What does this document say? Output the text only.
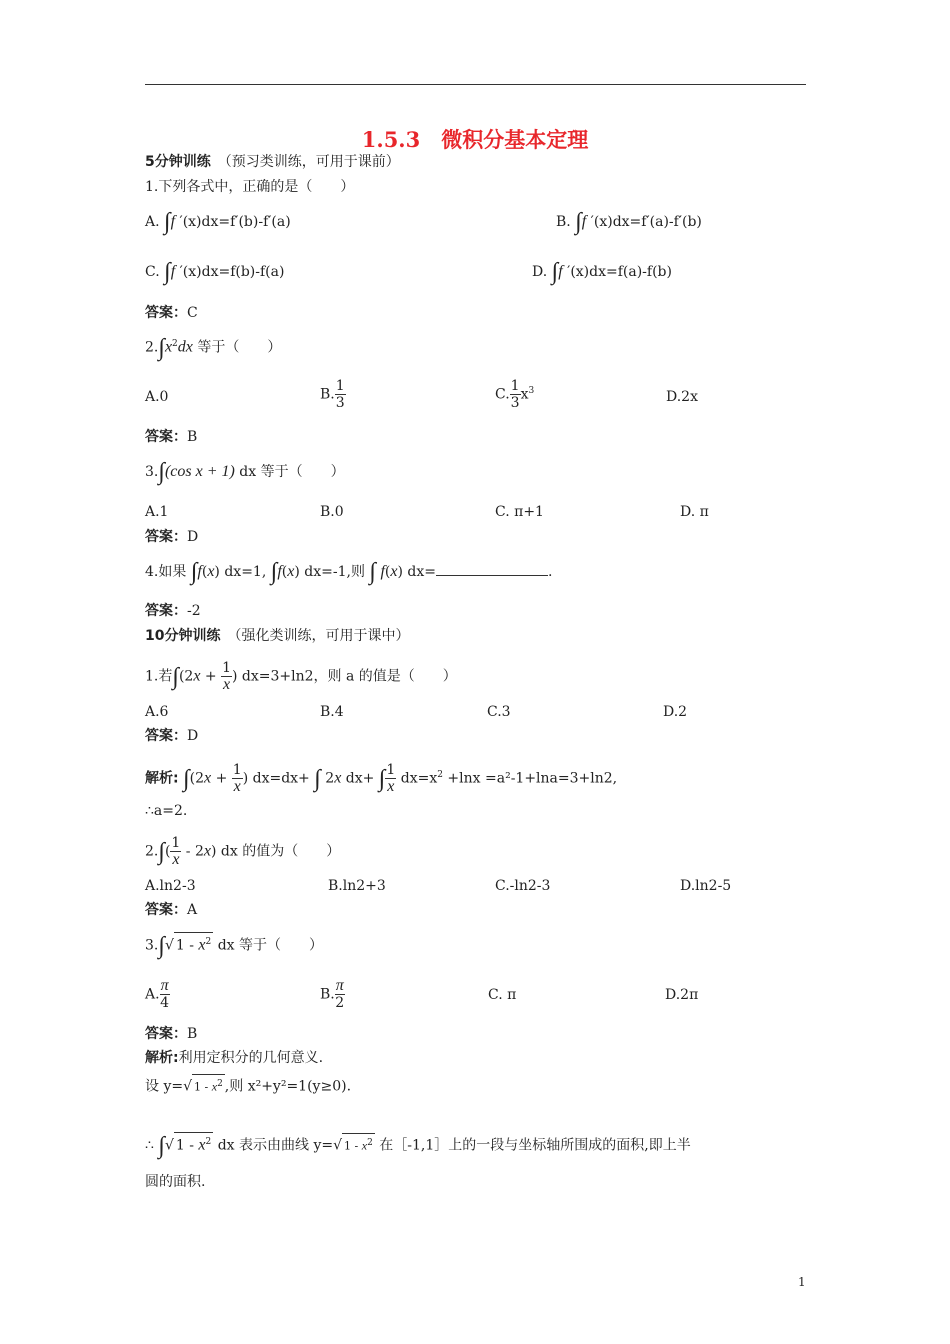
1.5.3　微积分基本定理
5分钟训练　 （预习类训练，可用于课前）
1.下列各式中，正确的是（　　）
A. ∫f ′(x)dx=f′(b)-f′(a)	B. ∫f ′(x)dx=f′(a)-f′(b)
C. ∫f ′(x)dx=f(b)-f(a)	D. ∫f ′(x)dx=f(a)-f(b)
答案：C
$2.\int x^2dx$ 等于（　　）
A.0	B. $\frac{1}{3}$	C. $\frac{1}{3} x^3$	D.2x
答案：B
3.∫(cos x + 1) dx 等于（　　）
A.1	B.0	C. π+1	D. π
答案：D
4.如果 ∫f(x) dx=1, ∫f(x) dx=-1,则 ∫ f(x) dx=	.
答案：-2
10分钟训练　 （强化类训练，可用于课中）
1.若$\int(2x + \frac{1}{x}$ ) dx=3+ln2，则 a 的值是（　　）
A.6	B.4	C.3	D.2
答案：D
解析: $\int(2x + \frac{1}{x}$ ) dx=dx+ ∫ 2x dx+ ∫ $\frac{1}{x} dx=x^2 +\ln x =a^2-1+\ln a=3+\ln 2$,
∴a=2.
$2.\int( \frac{1}{x} - 2x)$ dx 的值为（　　）
A.ln2-3	B.ln2+3	C.-ln2-3	D.ln2-5
答案：A
3.∫√ $1 - x^2$ dx 等于（　　）
A. $\frac{\pi}{4}$	B. $\frac{\pi}{2}$	C. π	D.2π
答案：B
解析:利用定积分的几何意义.
设 y=√ $1 - x^2$ ,则 x²+y²=1(y≥0).
∴ ∫√ $1 - x^2$ dx 表示由曲线 y=√ $1 - x^2$ 在［-1,1］上的一段与坐标轴所围成的面积,即上半
圆的面积.
1
